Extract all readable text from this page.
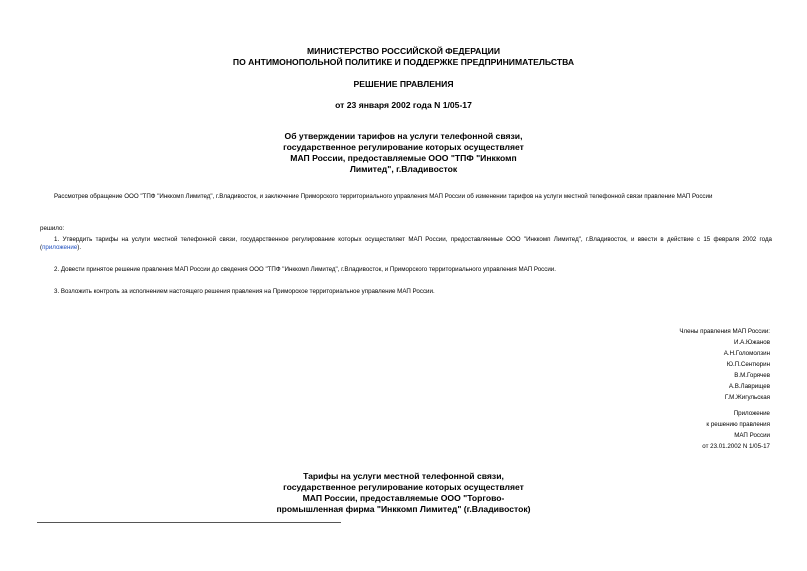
МИНИСТЕРСТВО РОССИЙСКОЙ ФЕДЕРАЦИИ
ПО АНТИМОНОПОЛЬНОЙ ПОЛИТИКЕ И ПОДДЕРЖКЕ ПРЕДПРИНИМАТЕЛЬСТВА
РЕШЕНИЕ ПРАВЛЕНИЯ
от 23 января 2002 года N 1/05-17
Об утверждении тарифов на услуги телефонной связи,
государственное регулирование которых осуществляет
МАП России, предоставляемые ООО "ТПФ "Инккомп
Лимитед", г.Владивосток
Рассмотрев обращение ООО "ТПФ "Инккомп Лимитед", г.Владивосток, и заключение Приморского территориального управления МАП России об изменении тарифов на услуги местной телефонной связи правление МАП России
решило:
1. Утвердить тарифы на услуги местной телефонной связи, государственное регулирование которых осуществляет МАП России, предоставляемые ООО "Инккомп Лимитед", г.Владивосток, и ввести в действие с 15 февраля 2002 года (приложение).
2. Довести принятое решение правления МАП России до сведения ООО "ТПФ "Инккомп Лимитед", г.Владивосток, и Приморского территориального управления МАП России.
3. Возложить контроль за исполнением настоящего решения правления на Приморское территориальное управление МАП России.
Члены правления МАП России:
И.А.Южанов
А.Н.Голомолзин
Ю.П.Сентюрин
В.М.Горячев
А.В.Лаврищев
Г.М.Жигульская
Приложение
к решению правления
МАП России
от 23.01.2002 N 1/05-17
Тарифы на услуги местной телефонной связи,
государственное регулирование которых осуществляет
МАП России, предоставляемые ООО "Торгово-
промышленная фирма "Инккомп Лимитед" (г.Владивосток)
